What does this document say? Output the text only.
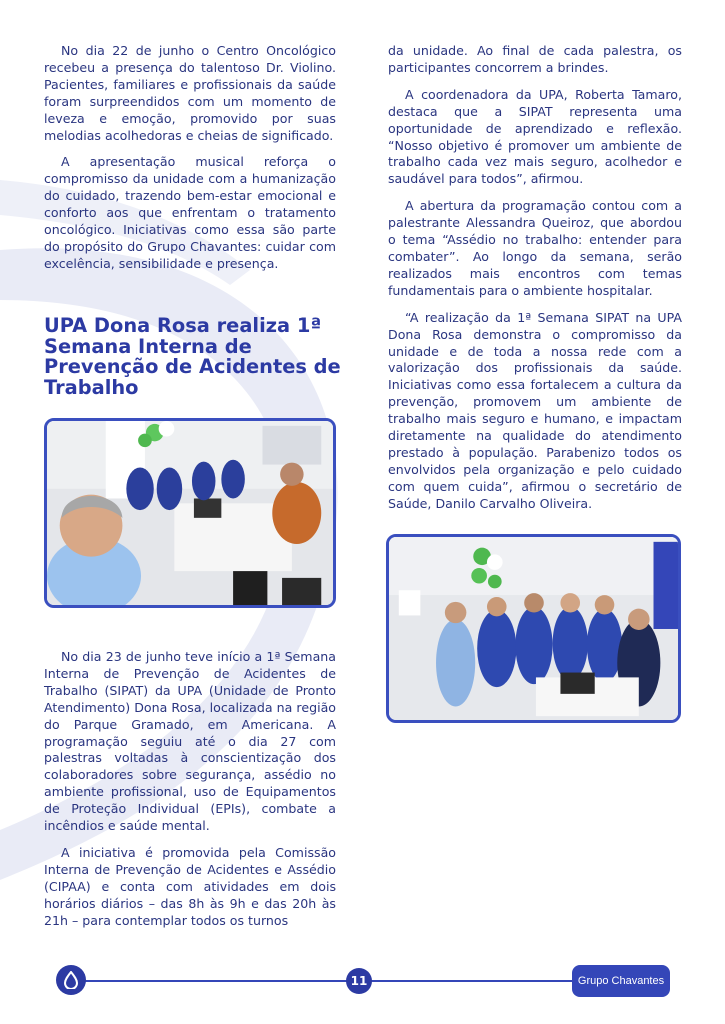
No dia 22 de junho o Centro Oncológico recebeu a presença do talentoso Dr. Violino. Pacientes, familiares e profissionais da saúde foram surpreendidos com um momento de leveza e emoção, promovido por suas melodias acolhedoras e cheias de significado.

A apresentação musical reforça o compromisso da unidade com a humanização do cuidado, trazendo bem-estar emocional e conforto aos que enfrentam o tratamento oncológico. Iniciativas como essa são parte do propósito do Grupo Chavantes: cuidar com excelência, sensibilidade e presença.

UPA Dona Rosa realiza 1ª Semana Interna de Prevenção de Acidentes de Trabalho

No dia 23 de junho teve início a 1ª Semana Interna de Prevenção de Acidentes de Trabalho (SIPAT) da UPA (Unidade de Pronto Atendimento) Dona Rosa, localizada na região do Parque Gramado, em Americana. A programação seguiu até o dia 27 com palestras voltadas à conscientização dos colaboradores sobre segurança, assédio no ambiente profissional, uso de Equipamentos de Proteção Individual (EPIs), combate a incêndios e saúde mental.

A iniciativa é promovida pela Comissão Interna de Prevenção de Acidentes e Assédio (CIPAA) e conta com atividades em dois horários diários – das 8h às 9h e das 20h às 21h – para contemplar todos os turnos

da unidade. Ao final de cada palestra, os participantes concorrem a brindes.

A coordenadora da UPA, Roberta Tamaro, destaca que a SIPAT representa uma oportunidade de aprendizado e reflexão. “Nosso objetivo é promover um ambiente de trabalho cada vez mais seguro, acolhedor e saudável para todos”, afirmou.

A abertura da programação contou com a palestrante Alessandra Queiroz, que abordou o tema “Assédio no trabalho: entender para combater”. Ao longo da semana, serão realizados mais encontros com temas fundamentais para o ambiente hospitalar.

“A realização da 1ª Semana SIPAT na UPA Dona Rosa demonstra o compromisso da unidade e de toda a nossa rede com a valorização dos profissionais da saúde. Iniciativas como essa fortalecem a cultura da prevenção, promovem um ambiente de trabalho mais seguro e humano, e impactam diretamente na qualidade do atendimento prestado à população. Parabenizo todos os envolvidos pela organização e pelo cuidado com quem cuida”, afirmou o secretário de Saúde, Danilo Carvalho Oliveira.

11	Grupo Chavantes
